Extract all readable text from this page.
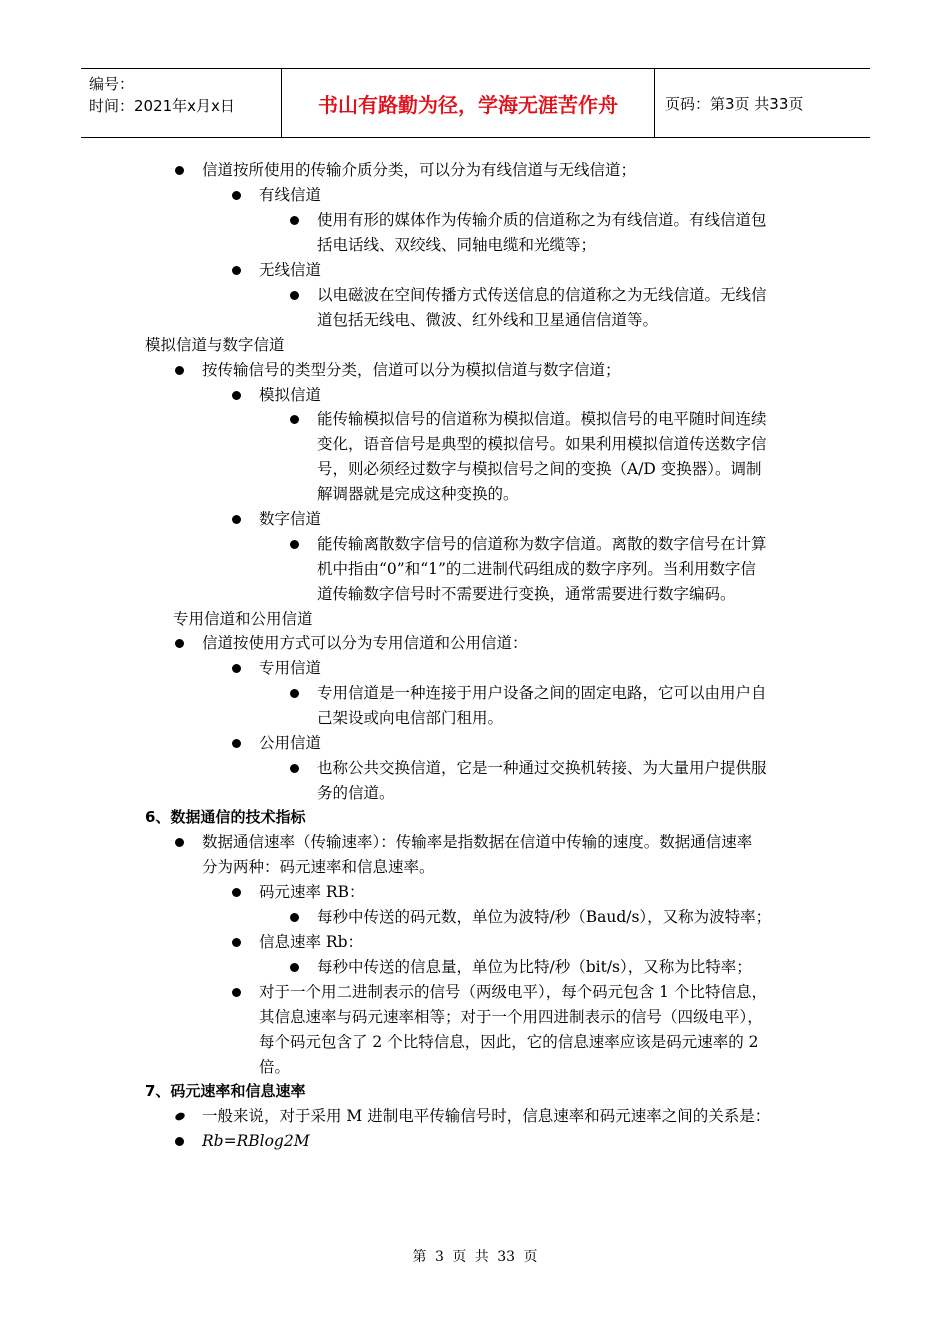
编号：
时间：2021年x月x日	书山有路勤为径，学海无涯苦作舟	页码：第3页 共33页
信道按所使用的传输介质分类，可以分为有线信道与无线信道；
有线信道
使用有形的媒体作为传输介质的信道称之为有线信道。有线信道包
括电话线、双绞线、同轴电缆和光缆等；
无线信道
以电磁波在空间传播方式传送信息的信道称之为无线信道。无线信
道包括无线电、微波、红外线和卫星通信信道等。
模拟信道与数字信道
按传输信号的类型分类，信道可以分为模拟信道与数字信道；
模拟信道
能传输模拟信号的信道称为模拟信道。模拟信号的电平随时间连续
变化，语音信号是典型的模拟信号。如果利用模拟信道传送数字信
号，则必须经过数字与模拟信号之间的变换（A/D 变换器）。调制
解调器就是完成这种变换的。
数字信道
能传输离散数字信号的信道称为数字信道。离散的数字信号在计算
机中指由“0”和“1”的二进制代码组成的数字序列。当利用数字信
道传输数字信号时不需要进行变换，通常需要进行数字编码。
专用信道和公用信道
信道按使用方式可以分为专用信道和公用信道：
专用信道
专用信道是一种连接于用户设备之间的固定电路，它可以由用户自
己架设或向电信部门租用。
公用信道
也称公共交换信道，它是一种通过交换机转接、为大量用户提供服
务的信道。
6、数据通信的技术指标
数据通信速率（传输速率）：传输率是指数据在信道中传输的速度。数据通信速率
分为两种：码元速率和信息速率。
码元速率 RB：
每秒中传送的码元数，单位为波特/秒（Baud/s），又称为波特率；
信息速率 Rb：
每秒中传送的信息量，单位为比特/秒（bit/s），又称为比特率；
对于一个用二进制表示的信号（两级电平），每个码元包含 1 个比特信息，
其信息速率与码元速率相等；对于一个用四进制表示的信号（四级电平），
每个码元包含了 2 个比特信息，因此，它的信息速率应该是码元速率的 2
倍。
7、码元速率和信息速率
一般来说，对于采用 M 进制电平传输信号时，信息速率和码元速率之间的关系是：
Rb=RBlog2M
第 3 页 共 33 页
